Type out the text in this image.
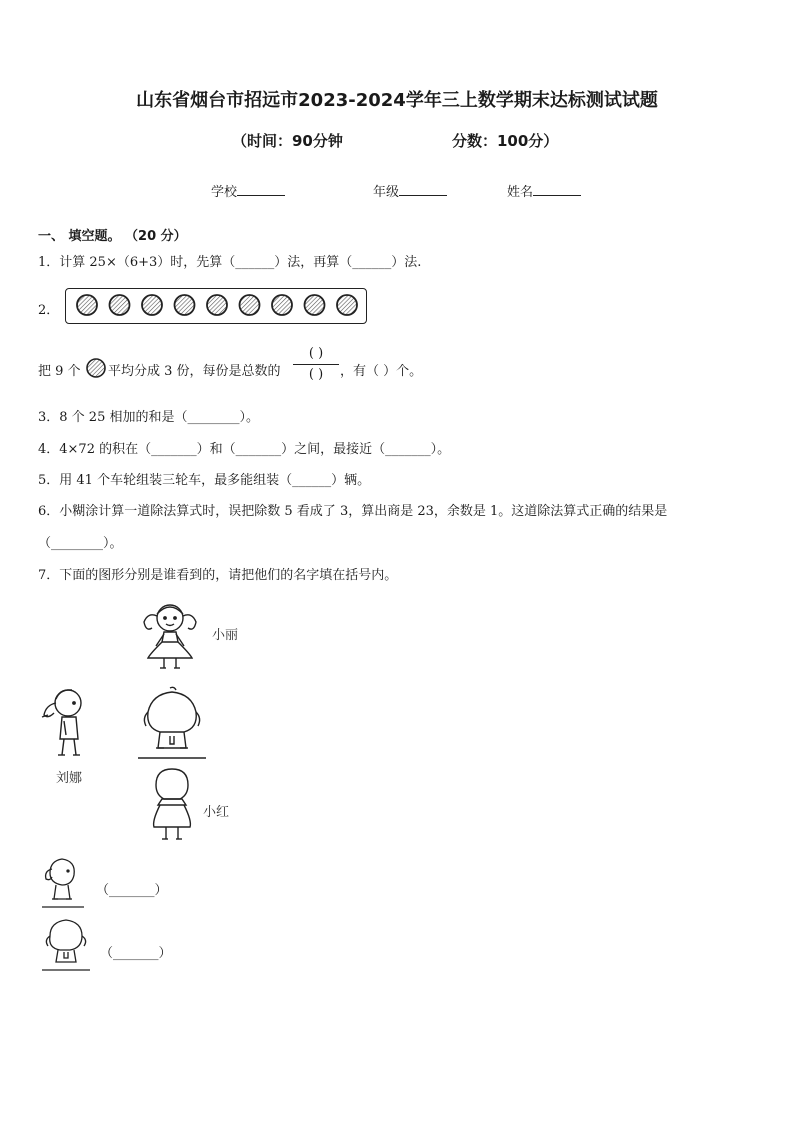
山东省烟台市招远市2023-2024学年三上数学期末达标测试试题
（时间：90分钟	分数：100分）
学校	年级	姓名
一、 填空题。 （20 分）
1．计算 25×（6+3）时，先算（______）法，再算（______）法.
2．
把 9 个 平均分成 3 份，每份是总数的
( )
( )	，有（ ）个。
3．8 个 25 相加的和是（________）。
4．4×72 的积在（_______）和（_______）之间，最接近（_______）。
5．用 41 个车轮组装三轮车，最多能组装（______）辆。
6．小糊涂计算一道除法算式时，误把除数 5 看成了 3，算出商是 23，余数是 1。这道除法算式正确的结果是
（________）。
7．下面的图形分别是谁看到的，请把他们的名字填在括号内。
小丽
刘娜
小红
（_______）
（_______）
